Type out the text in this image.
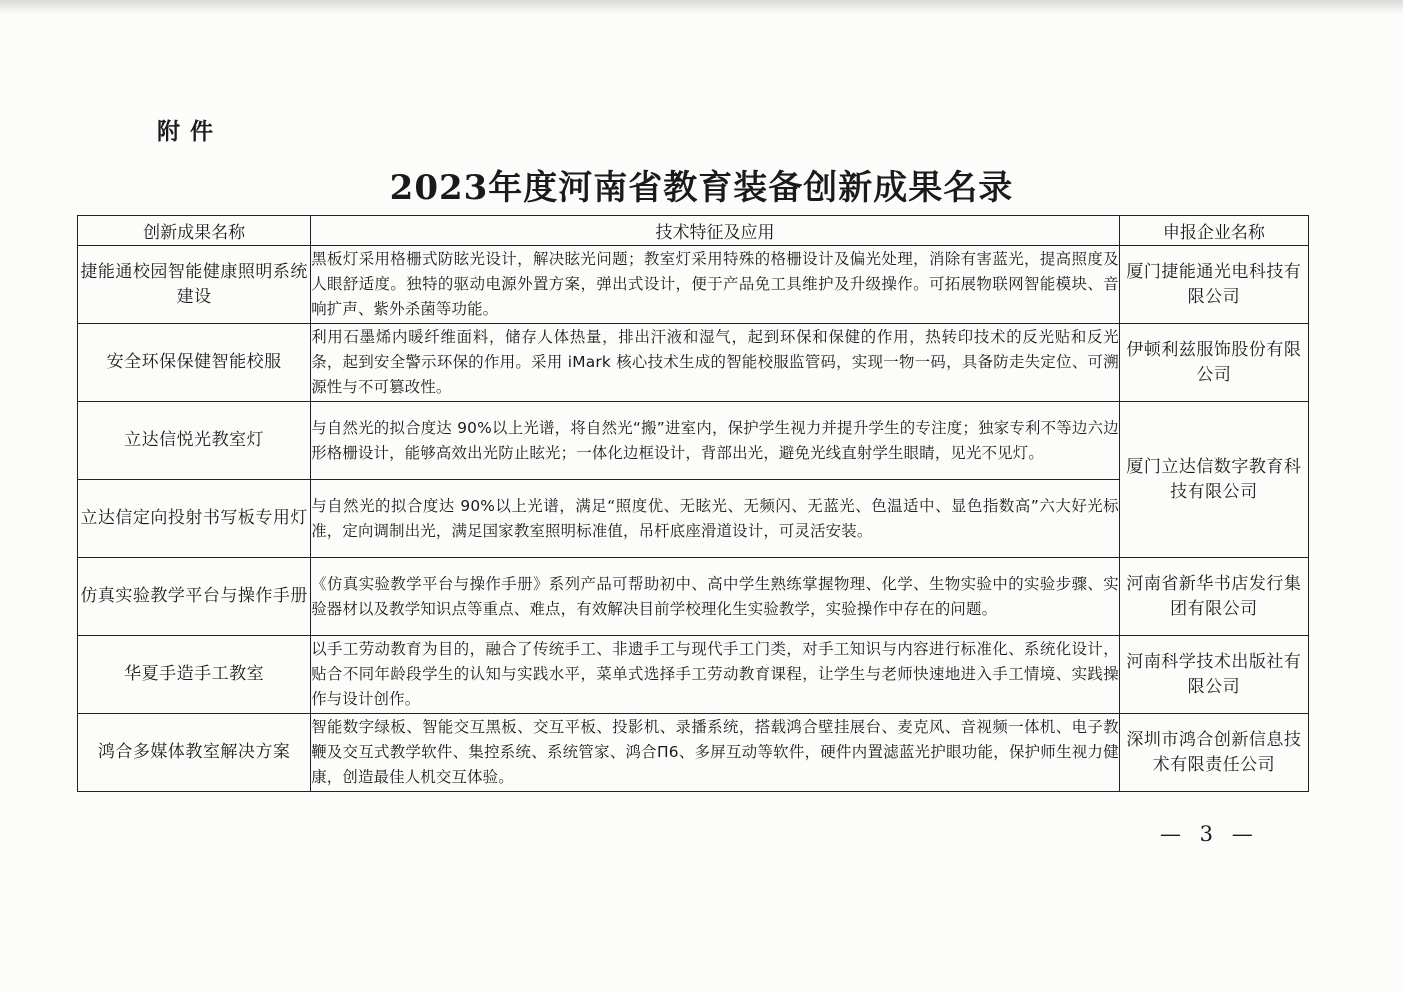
附件

2023年度河南省教育装备创新成果名录
创新成果名称	技术特征及应用	申报企业名称
捷能通校园智能健康照明系统建设	黑板灯采用格栅式防眩光设计，解决眩光问题；教室灯采用特殊的格栅设计及偏光处理，消除有害蓝光，提高照度及人眼舒适度。独特的驱动电源外置方案，弹出式设计，便于产品免工具维护及升级操作。可拓展物联网智能模块、音响扩声、紫外杀菌等功能。	厦门捷能通光电科技有限公司
安全环保保健智能校服	利用石墨烯内暖纤维面料，储存人体热量，排出汗液和湿气，起到环保和保健的作用，热转印技术的反光贴和反光条，起到安全警示环保的作用。采用 iMark 核心技术生成的智能校服监管码，实现一物一码，具备防走失定位、可溯源性与不可篡改性。	伊顿利兹服饰股份有限公司
立达信悦光教室灯	与自然光的拟合度达 90%以上光谱，将自然光“搬”进室内，保护学生视力并提升学生的专注度；独家专利不等边六边形格栅设计，能够高效出光防止眩光；一体化边框设计，背部出光，避免光线直射学生眼睛，见光不见灯。	厦门立达信数字教育科技有限公司
立达信定向投射书写板专用灯	与自然光的拟合度达 90%以上光谱，满足“照度优、无眩光、无频闪、无蓝光、色温适中、显色指数高”六大好光标准，定向调制出光，满足国家教室照明标准值，吊杆底座滑道设计，可灵活安装。	
仿真实验教学平台与操作手册	《仿真实验教学平台与操作手册》系列产品可帮助初中、高中学生熟练掌握物理、化学、生物实验中的实验步骤、实验器材以及教学知识点等重点、难点，有效解决目前学校理化生实验教学，实验操作中存在的问题。	河南省新华书店发行集团有限公司
华夏手造手工教室	以手工劳动教育为目的，融合了传统手工、非遗手工与现代手工门类，对手工知识与内容进行标准化、系统化设计，贴合不同年龄段学生的认知与实践水平，菜单式选择手工劳动教育课程，让学生与老师快速地进入手工情境、实践操作与设计创作。	河南科学技术出版社有限公司
鸿合多媒体教室解决方案	智能数字绿板、智能交互黑板、交互平板、投影机、录播系统，搭载鸿合壁挂展台、麦克风、音视频一体机、电子教鞭及交互式教学软件、集控系统、系统管家、鸿合Π6、多屏互动等软件，硬件内置滤蓝光护眼功能，保护师生视力健康，创造最佳人机交互体验。	深圳市鸿合创新信息技术有限责任公司

— 3 —
